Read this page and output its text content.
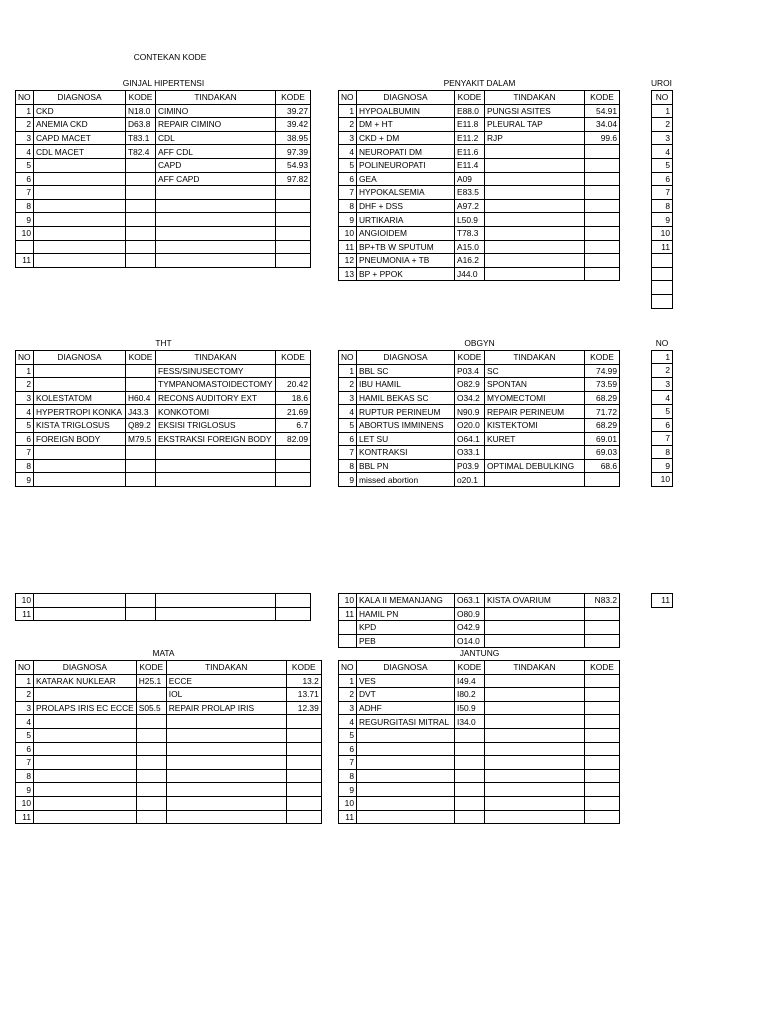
CONTEKAN KODE
GINJAL HIPERTENSI	PENYAKIT DALAM	UROI
THT	OBGYN
MATA	JANTUNG
NO	DIAGNOSA	KODE	TINDAKAN	KODE
1	CKD	N18.0	CIMINO	39.27
2	ANEMIA CKD	D63.8	REPAIR CIMINO	39.42
3	CAPD MACET	T83.1	CDL	38.95
4	CDL MACET	T82.4	AFF CDL	97.39
5			CAPD	54.93
6			AFF CAPD	97.82
7				
8				
9				
10				

11				
NO	DIAGNOSA	KODE	TINDAKAN	KODE
1	HYPOALBUMIN	E88.0	PUNGSI ASITES	54.91
2	DM + HT	E11.8	PLEURAL TAP	34.04
3	CKD + DM	E11.2	RJP	99.6
4	NEUROPATI DM	E11.6		
5	POLINEUROPATI	E11.4		
6	GEA	A09		
7	HYPOKALSEMIA	E83.5		
8	DHF + DSS	A97.2		
9	URTIKARIA	L50.9		
10	ANGIOIDEM	T78.3		
11	BP+TB W SPUTUM	A15.0		
12	PNEUMONIA + TB	A16.2		
13	BP + PPOK	J44.0		
NO
1
2
3
4
5
6
7
8
9
10
11

NO	DIAGNOSA	KODE	TINDAKAN	KODE
1			FESS/SINUSECTOMY	
2			TYMPANOMASTOIDECTOMY	20.42
3	KOLESTATOM	H60.4	RECONS AUDITORY EXT	18.6
4	HYPERTROPI KONKA	J43.3	KONKOTOMI	21.69
5	KISTA TRIGLOSUS	Q89.2	EKSISI TRIGLOSUS	6.7
6	FOREIGN BODY	M79.5	EKSTRAKSI FOREIGN BODY	82.09
7				
8				
9				
NO	DIAGNOSA	KODE	TINDAKAN	KODE
1	BBL SC	P03.4	SC	74.99
2	IBU HAMIL	O82.9	SPONTAN	73.59
3	HAMIL BEKAS SC	O34.2	MYOMECTOMI	68.29
4	RUPTUR PERINEUM	N90.9	REPAIR PERINEUM	71.72
5	ABORTUS IMMINENS	O20.0	KISTEKTOMI	68.29
6	LET SU	O64.1	KURET	69.01
7	KONTRAKSI	O33.1		69.03
8	BBL PN	P03.9	OPTIMAL DEBULKING	68.6
9	missed abortion	o20.1		
NO
1
2
3
4
5
6
7
8
9
10
10				
11				
10	KALA II MEMANJANG	O63.1	KISTA OVARIUM	N83.2
11	HAMIL PN	O80.9		
	KPD	O42.9		
	PEB	O14.0		
11
NO	DIAGNOSA	KODE	TINDAKAN	KODE
1	KATARAK NUKLEAR	H25.1	ECCE	13.2
2			IOL	13.71
3	PROLAPS IRIS EC ECCE	S05.5	REPAIR PROLAP IRIS	12.39
4				
5				
6				
7				
8				
9				
10				
11				
NO	DIAGNOSA	KODE	TINDAKAN	KODE
1	VES	I49.4		
2	DVT	I80.2		
3	ADHF	I50.9		
4	REGURGITASI MITRAL	I34.0		
5				
6				
7				
8				
9				
10				
11				
